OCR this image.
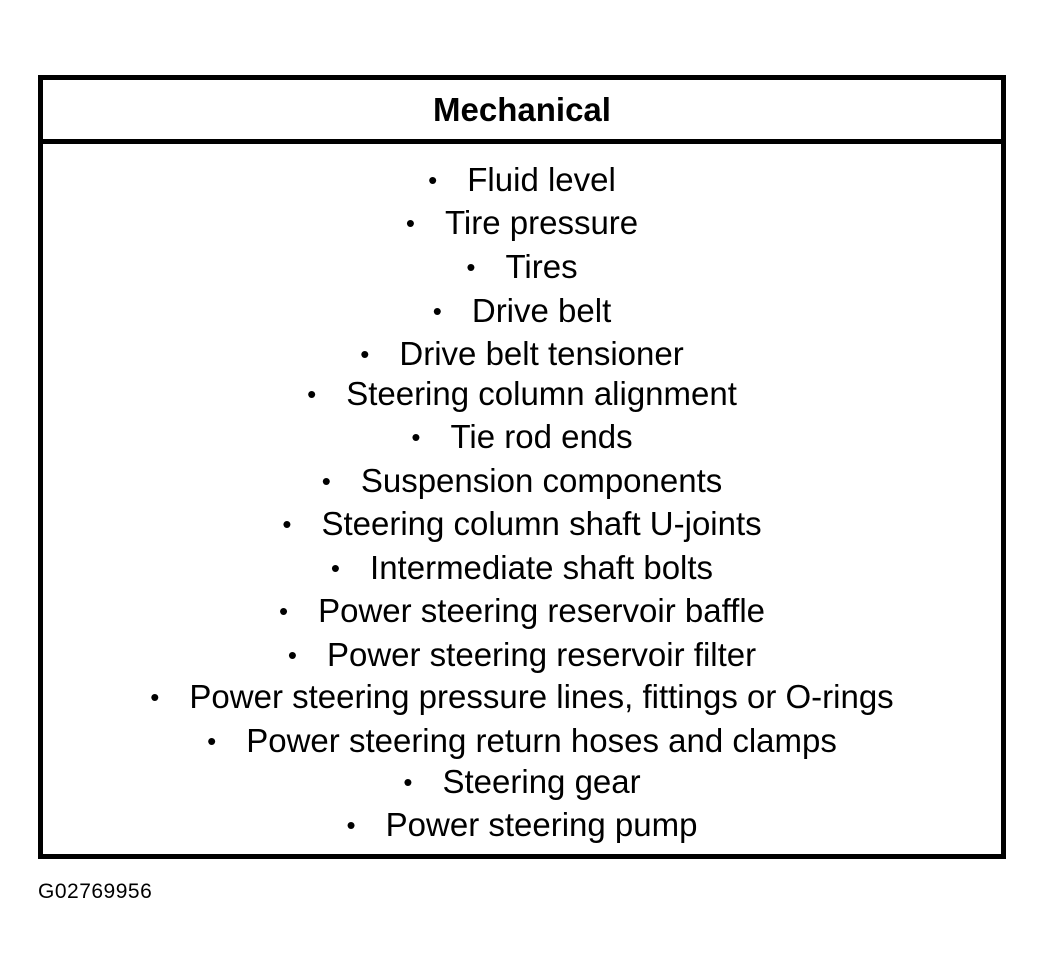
Mechanical
• Fluid level
• Tire pressure
• Tires
• Drive belt
• Drive belt tensioner
• Steering column alignment
• Tie rod ends
• Suspension components
• Steering column shaft U-joints
• Intermediate shaft bolts
• Power steering reservoir baffle
• Power steering reservoir filter
• Power steering pressure lines, fittings or O-rings
• Power steering return hoses and clamps
• Steering gear
• Power steering pump
G02769956
